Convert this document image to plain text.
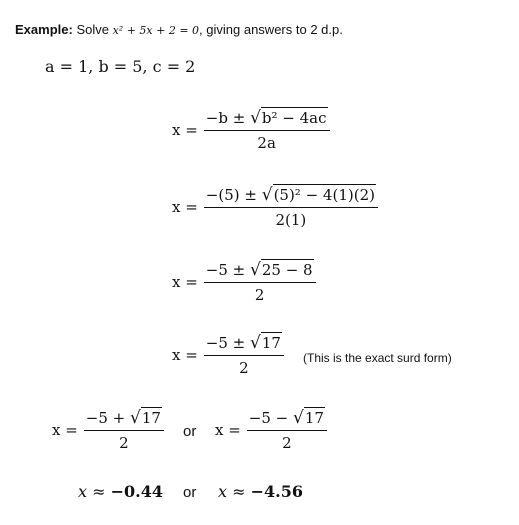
Example: Solve x² + 5x + 2 = 0, giving answers to 2 d.p.
a = 1, b = 5, c = 2
$x = \frac{\text{−b ± √b² − 4ac}}{2a}$
$x = \frac{\text{−(5) ± √(5)² − 4(1)(2)}}{2(1)}$
$x = \frac{-5 \pm √25 - 8}{2}$
$x = \frac{-5 \pm √17}{2}$ (This is the exact surd form)
$x = \frac{-5 + √17}{2}$ or $x = \frac{-5 - √17}{2}$
x ≈ −0.44 or x ≈ −4.56
